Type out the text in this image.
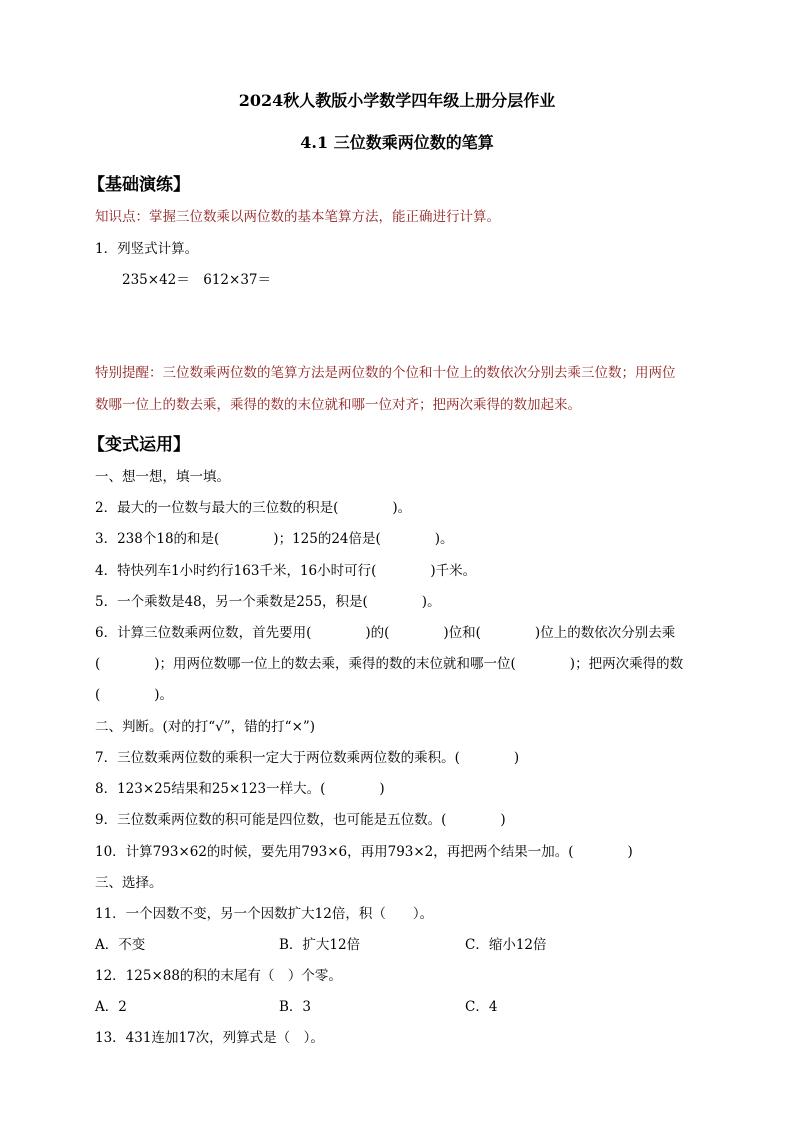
2024秋人教版小学数学四年级上册分层作业
4.1 三位数乘两位数的笔算
【基础演练】
知识点：掌握三位数乘以两位数的基本笔算方法，能正确进行计算。
1．列竖式计算。
235×42＝　612×37＝
特别提醒：三位数乘两位数的笔算方法是两位数的个位和十位上的数依次分别去乘三位数；用两位
数哪一位上的数去乘，乘得的数的末位就和哪一位对齐；把两次乘得的数加起来。
【变式运用】
一、想一想，填一填。
2．最大的一位数与最大的三位数的积是(　　　　)。
3．238个18的和是(　　　　)；125的24倍是(　　　　)。
4．特快列车1小时约行163千米，16小时可行(　　　　)千米。
5．一个乘数是48，另一个乘数是255，积是(　　　　)。
6．计算三位数乘两位数，首先要用(　　　　)的(　　　　)位和(　　　　)位上的数依次分别去乘
(　　　　)；用两位数哪一位上的数去乘，乘得的数的末位就和哪一位(　　　　)；把两次乘得的数
(　　　　)。
二、判断。(对的打“√”，错的打“×”)
7．三位数乘两位数的乘积一定大于两位数乘两位数的乘积。(　　　　)
8．123×25结果和25×123一样大。(　　　　)
9．三位数乘两位数的积可能是四位数，也可能是五位数。(　　　　)
10．计算793×62的时候，要先用793×6，再用793×2，再把两个结果一加。(　　　　)
三、选择。
11．一个因数不变，另一个因数扩大12倍，积（　　）。
A．不变	B．扩大12倍	C．缩小12倍
12．125×88的积的末尾有（　）个零。
A．2	B．3	C．4
13．431连加17次，列算式是（　）。
